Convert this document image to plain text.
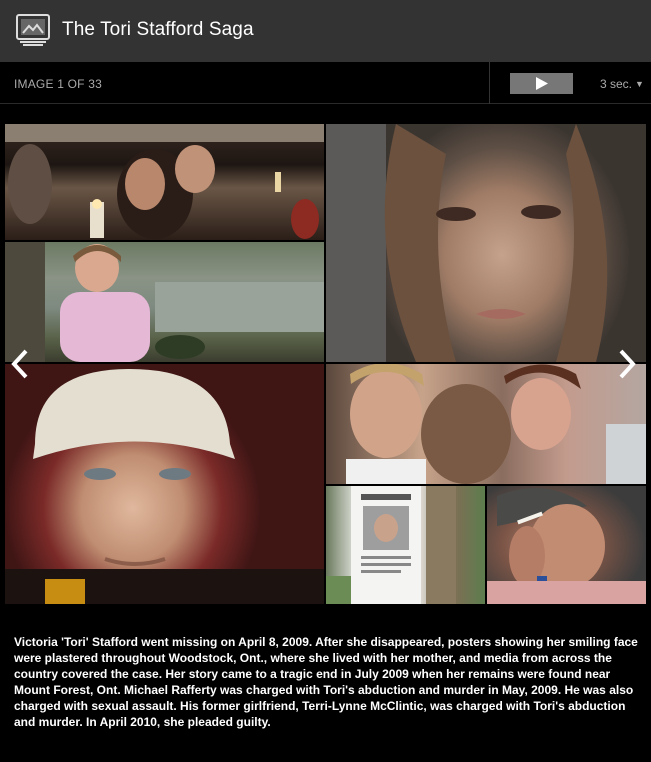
The Tori Stafford Saga
IMAGE 1 OF 33	3 sec. ▼

Victoria 'Tori' Stafford went missing on April 8, 2009. After she disappeared, posters showing her smiling face were plastered throughout Woodstock, Ont., where she lived with her mother, and media from across the country covered the case. Her story came to a tragic end in July 2009 when her remains were found near Mount Forest, Ont. Michael Rafferty was charged with Tori's abduction and murder in May, 2009. He was also charged with sexual assault. His former girlfriend, Terri-Lynne McClintic, was charged with Tori's abduction and murder. In April 2010, she pleaded guilty.
